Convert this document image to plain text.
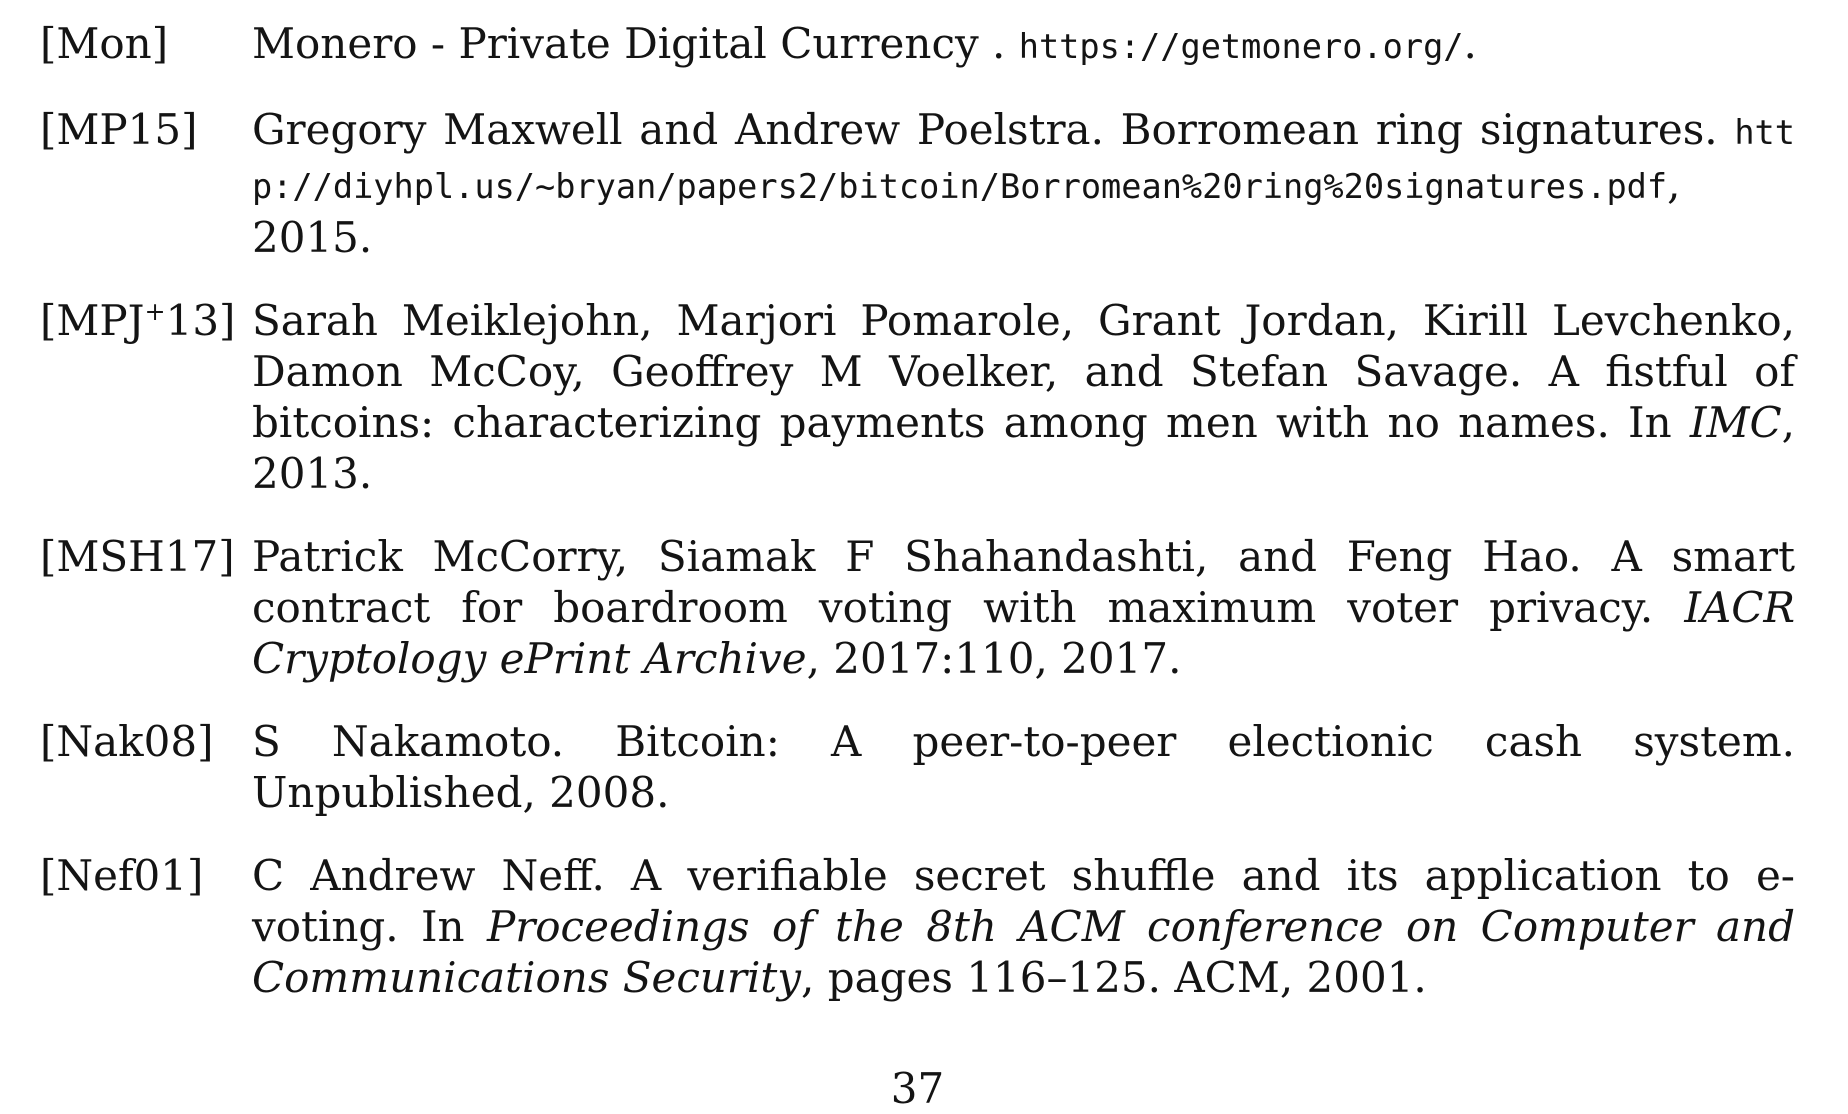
[Mon]	Monero - Private Digital Currency . https://getmonero.org/.
[MP15]	Gregory Maxwell and Andrew Poelstra. Borromean ring signatures. http://diyhpl.us/~bryan/papers2/bitcoin/Borromean%20ring%20signatures.pdf, 2015.
[MPJ+13] Sarah Meiklejohn, Marjori Pomarole, Grant Jordan, Kirill Levchenko, Damon McCoy, Geoffrey M Voelker, and Stefan Savage. A fistful of bitcoins: characterizing payments among men with no names. In IMC, 2013.
[MSH17] Patrick McCorry, Siamak F Shahandashti, and Feng Hao. A smart contract for boardroom voting with maximum voter privacy. IACR Cryptology ePrint Archive, 2017:110, 2017.
[Nak08] S Nakamoto. Bitcoin: A peer-to-peer electionic cash system. Unpublished, 2008.
[Nef01]	C Andrew Neff. A verifiable secret shuffle and its application to e-voting. In Proceedings of the 8th ACM conference on Computer and Communications Security, pages 116–125. ACM, 2001.
37
